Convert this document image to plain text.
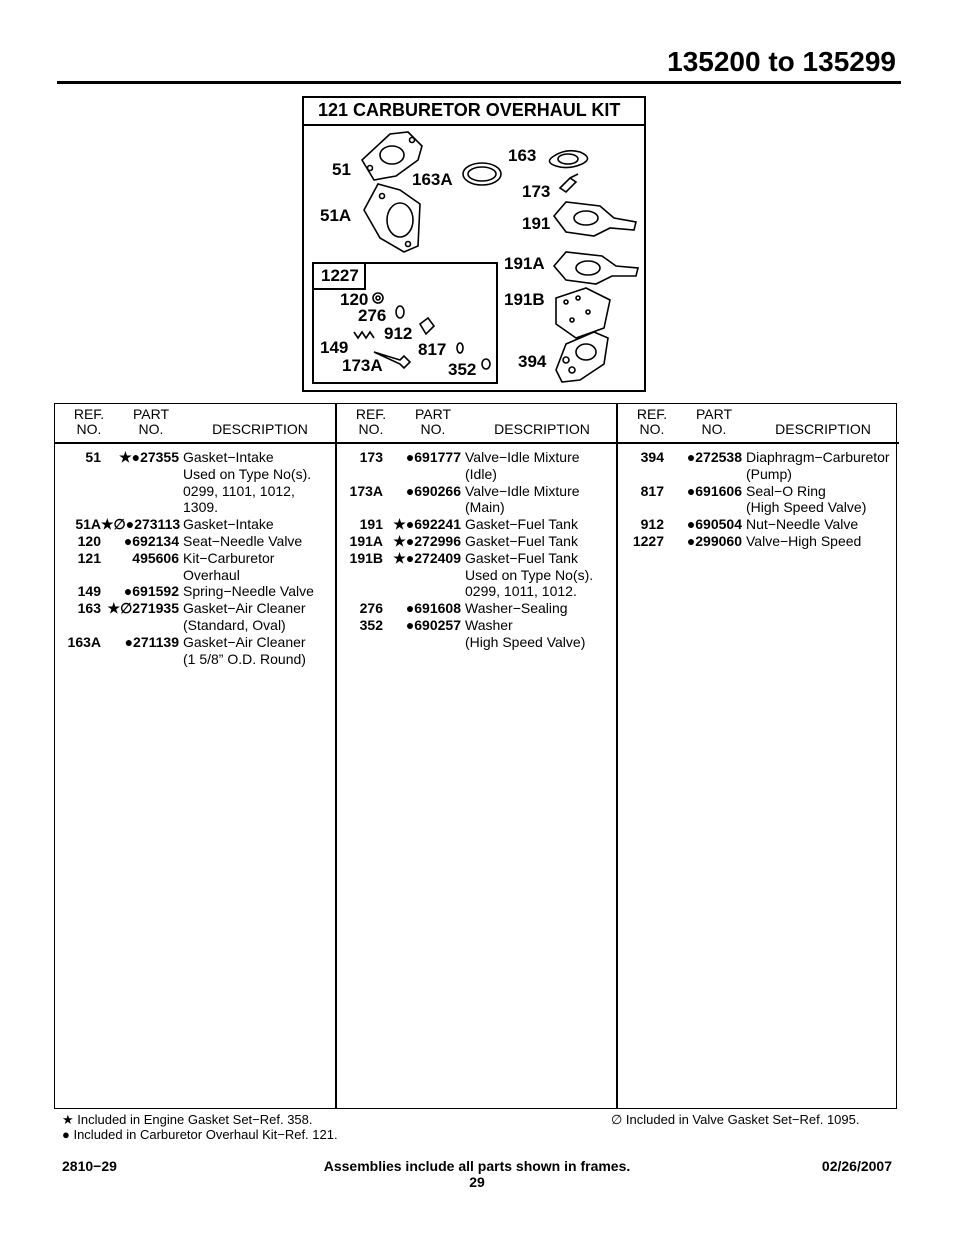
135200 to 135299
121 CARBURETOR OVERHAUL KIT
1227
51
163A
163
173
51A	191
191A
191B
394
120
276
912
149	817
173A	352
REF.
NO.
PART
NO.	DESCRIPTION
51	★●27355 Gasket−Intake
Used on Type No(s).
0299, 1101, 1012,
1309.
51A ★∅●273113 Gasket−Intake
120	●692134 Seat−Needle Valve
121	495606 Kit−Carburetor
Overhaul
149	●691592 Spring−Needle Valve
163 ★∅271935 Gasket−Air Cleaner
(Standard, Oval)
163A	●271139 Gasket−Air Cleaner
(1 5/8” O.D. Round)
REF.
NO.
PART
NO.	DESCRIPTION
173	●691777 Valve−Idle Mixture
(Idle)
173A	●690266 Valve−Idle Mixture
(Main)
191 ★●692241 Gasket−Fuel Tank
191A ★●272996 Gasket−Fuel Tank
191B ★●272409 Gasket−Fuel Tank
Used on Type No(s).
0299, 1011, 1012.
276	●691608 Washer−Sealing
352	●690257 Washer
(High Speed Valve)
REF.
NO.
PART
NO.	DESCRIPTION
394	●272538 Diaphragm−Carburetor
(Pump)
817	●691606 Seal−O Ring
(High Speed Valve)
912	●690504 Nut−Needle Valve
1227	●299060 Valve−High Speed
★ Included in Engine Gasket Set−Ref. 358.
● Included in Carburetor Overhaul Kit−Ref. 121.
∅ Included in Valve Gasket Set−Ref. 1095.
2810−29	Assemblies include all parts shown in frames.
29
02/26/2007
